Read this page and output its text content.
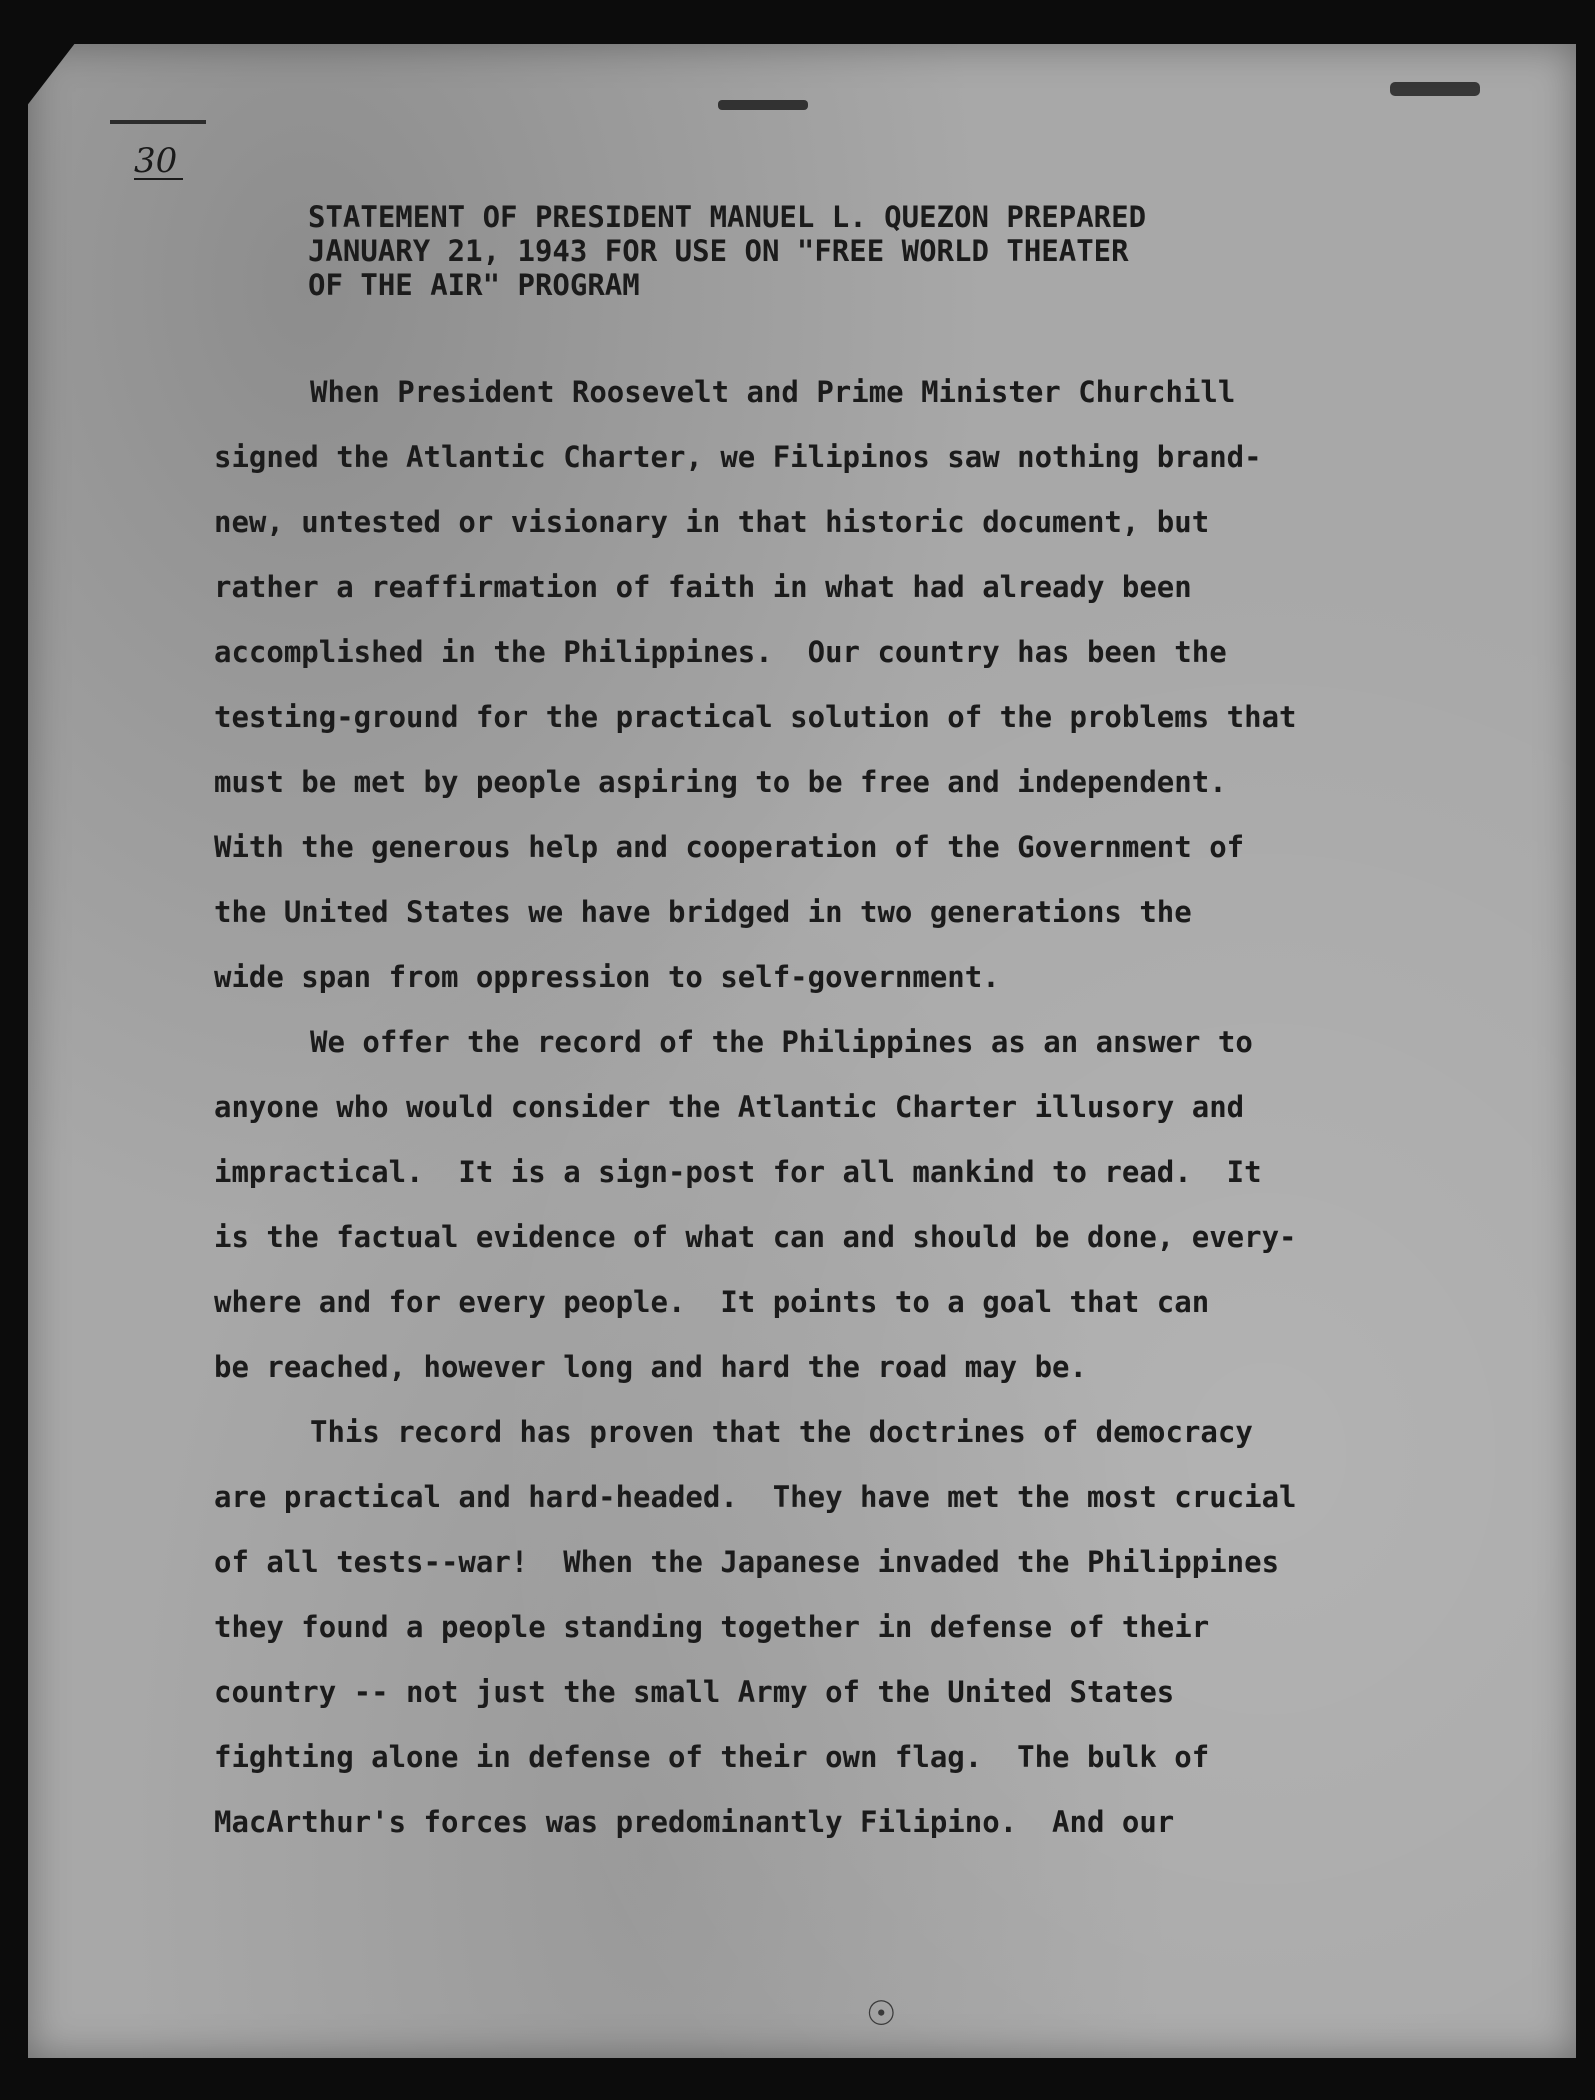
30
STATEMENT OF PRESIDENT MANUEL L. QUEZON PREPARED
JANUARY 21, 1943 FOR USE ON "FREE WORLD THEATER
OF THE AIR" PROGRAM
When President Roosevelt and Prime Minister Churchill
signed the Atlantic Charter, we Filipinos saw nothing brand-
new, untested or visionary in that historic document, but
rather a reaffirmation of faith in what had already been
accomplished in the Philippines.  Our country has been the
testing-ground for the practical solution of the problems that
must be met by people aspiring to be free and independent.
With the generous help and cooperation of the Government of
the United States we have bridged in two generations the
wide span from oppression to self-government.
We offer the record of the Philippines as an answer to
anyone who would consider the Atlantic Charter illusory and
impractical.  It is a sign-post for all mankind to read.  It
is the factual evidence of what can and should be done, every-
where and for every people.  It points to a goal that can
be reached, however long and hard the road may be.
This record has proven that the doctrines of democracy
are practical and hard-headed.  They have met the most crucial
of all tests--war!  When the Japanese invaded the Philippines
they found a people standing together in defense of their
country -- not just the small Army of the United States
fighting alone in defense of their own flag.  The bulk of
MacArthur's forces was predominantly Filipino.  And our
☉
